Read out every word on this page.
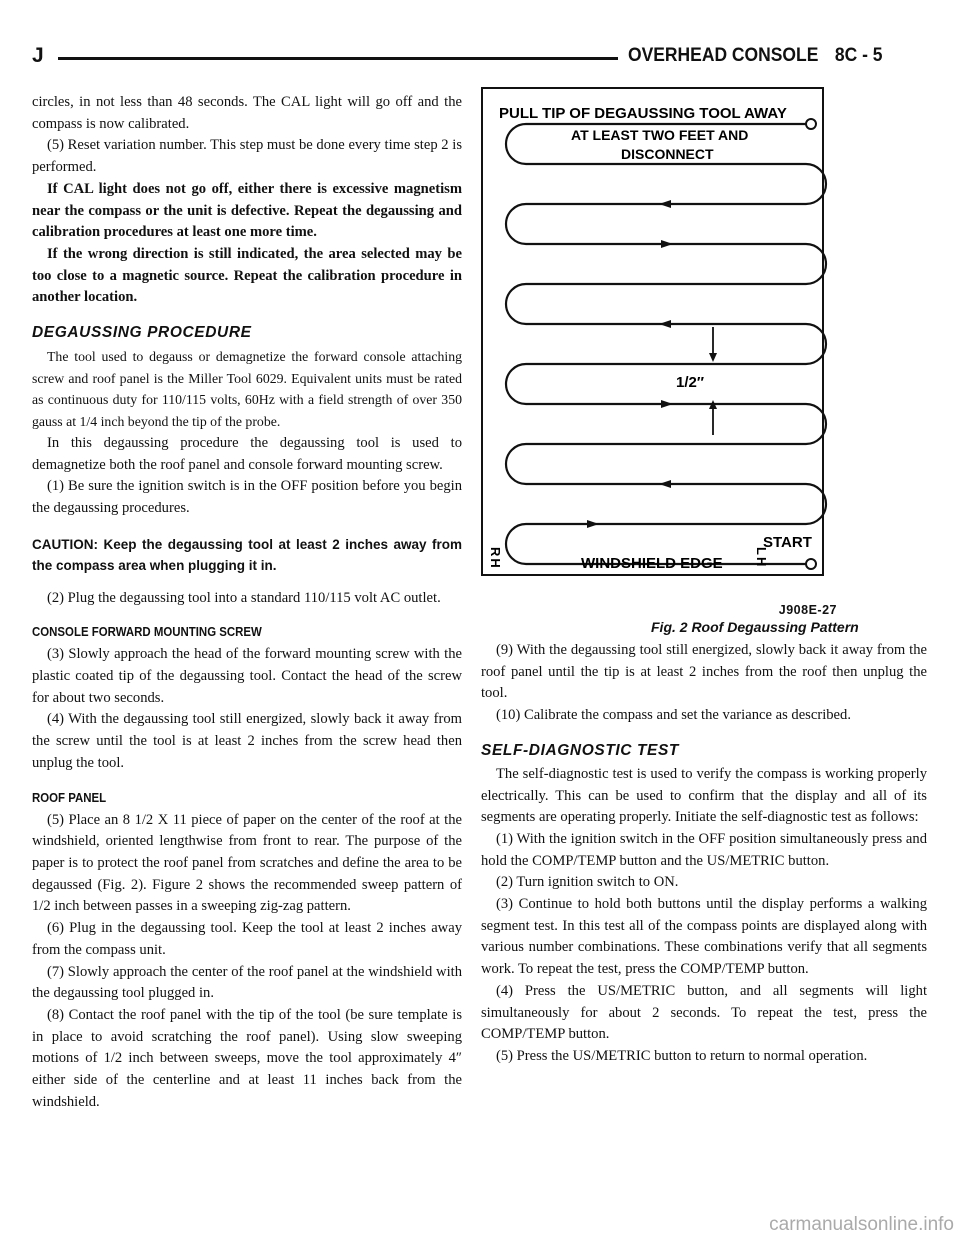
J	OVERHEAD CONSOLE 8C - 5

circles, in not less than 48 seconds. The CAL light will go off and the compass is now calibrated.

(5) Reset variation number. This step must be done every time step 2 is performed.

If CAL light does not go off, either there is excessive magnetism near the compass or the unit is defective. Repeat the degaussing and calibration procedures at least one more time.

If the wrong direction is still indicated, the area selected may be too close to a magnetic source. Repeat the calibration procedure in another location.

DEGAUSSING PROCEDURE

The tool used to degauss or demagnetize the forward console attaching screw and roof panel is the Miller Tool 6029. Equivalent units must be rated as continuous duty for 110/115 volts, 60Hz with a field strength of over 350 gauss at 1/4 inch beyond the tip of the probe.

In this degaussing procedure the degaussing tool is used to demagnetize both the roof panel and console forward mounting screw.

(1) Be sure the ignition switch is in the OFF position before you begin the degaussing procedures.

CAUTION: Keep the degaussing tool at least 2 inches away from the compass area when plugging it in.

(2) Plug the degaussing tool into a standard 110/115 volt AC outlet.

CONSOLE FORWARD MOUNTING SCREW

(3) Slowly approach the head of the forward mounting screw with the plastic coated tip of the degaussing tool. Contact the head of the screw for about two seconds.

(4) With the degaussing tool still energized, slowly back it away from the screw until the tool is at least 2 inches from the screw head then unplug the tool.

ROOF PANEL

(5) Place an 8 1/2 X 11 piece of paper on the center of the roof at the windshield, oriented lengthwise from front to rear. The purpose of the paper is to protect the roof panel from scratches and define the area to be degaussed (Fig. 2). Figure 2 shows the recommended sweep pattern of 1/2 inch between passes in a sweeping zig-zag pattern.

(6) Plug in the degaussing tool. Keep the tool at least 2 inches away from the compass unit.

(7) Slowly approach the center of the roof panel at the windshield with the degaussing tool plugged in.

(8) Contact the roof panel with the tip of the tool (be sure template is in place to avoid scratching the roof panel). Using slow sweeping motions of 1/2 inch between sweeps, move the tool approximately 4″ either side of the centerline and at least 11 inches back from the windshield.

PULL TIP OF DEGAUSSING TOOL AWAY
AT LEAST TWO FEET AND
DISCONNECT
1/2″
START
WINDSHIELD EDGE
RH	LH
J908E-27
Fig. 2 Roof Degaussing Pattern

(9) With the degaussing tool still energized, slowly back it away from the roof panel until the tip is at least 2 inches from the roof then unplug the tool.

(10) Calibrate the compass and set the variance as described.

SELF-DIAGNOSTIC TEST

The self-diagnostic test is used to verify the compass is working properly electrically. This can be used to confirm that the display and all of its segments are operating properly. Initiate the self-diagnostic test as follows:

(1) With the ignition switch in the OFF position simultaneously press and hold the COMP/TEMP button and the US/METRIC button.

(2) Turn ignition switch to ON.

(3) Continue to hold both buttons until the display performs a walking segment test. In this test all of the compass points are displayed along with various number combinations. These combinations verify that all segments work. To repeat the test, press the COMP/TEMP button.

(4) Press the US/METRIC button, and all segments will light simultaneously for about 2 seconds. To repeat the test, press the COMP/TEMP button.

(5) Press the US/METRIC button to return to normal operation.

carmanualsonline.info
